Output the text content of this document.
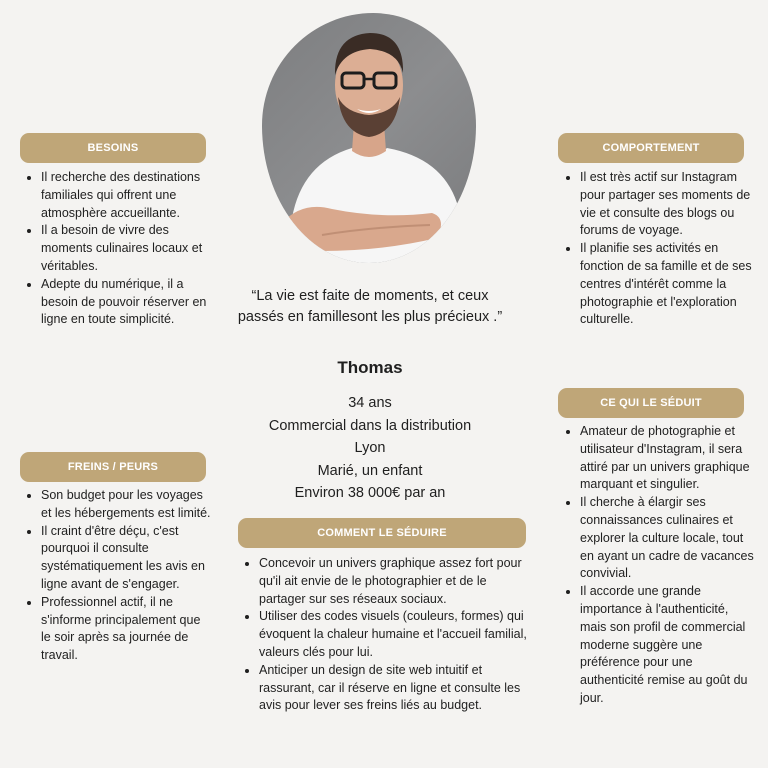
BESOINS
Il recherche des destinations familiales qui offrent une atmosphère accueillante.
Il a besoin de vivre des moments culinaires locaux et véritables.
Adepte du numérique, il a besoin de pouvoir réserver en ligne en toute simplicité.
FREINS / PEURS
Son budget pour les voyages et les hébergements est limité.
Il craint d'être déçu, c'est pourquoi il consulte systématiquement les avis en ligne avant de s'engager.
Professionnel actif, il ne s'informe principalement que le soir après sa journée de travail.
COMPORTEMENT
Il est très actif sur Instagram pour partager ses moments de vie et consulte des blogs ou forums de voyage.
Il planifie ses activités en fonction de sa famille et de ses centres d'intérêt comme la photographie et l'exploration culturelle.
CE QUI LE SÉDUIT
Amateur de photographie et utilisateur d'Instagram, il sera attiré par un univers graphique marquant et singulier.
Il cherche à élargir ses connaissances culinaires et explorer la culture locale, tout en ayant un cadre de vacances convivial.
Il accorde une grande importance à l'authenticité, mais son profil de commercial moderne suggère une préférence pour une authenticité remise au goût du jour.
“La vie est faite de moments, et ceux passés en famillesont les plus précieux .”
Thomas
34 ans
Commercial dans la distribution
Lyon
Marié, un enfant
Environ 38 000€ par an
COMMENT LE SÉDUIRE
Concevoir un univers graphique assez fort pour qu'il ait envie de le photographier et de le partager sur ses réseaux sociaux.
Utiliser des codes visuels (couleurs, formes) qui évoquent la chaleur humaine et l'accueil familial, valeurs clés pour lui.
Anticiper un design de site web intuitif et rassurant, car il réserve en ligne et consulte les avis pour lever ses freins liés au budget.
